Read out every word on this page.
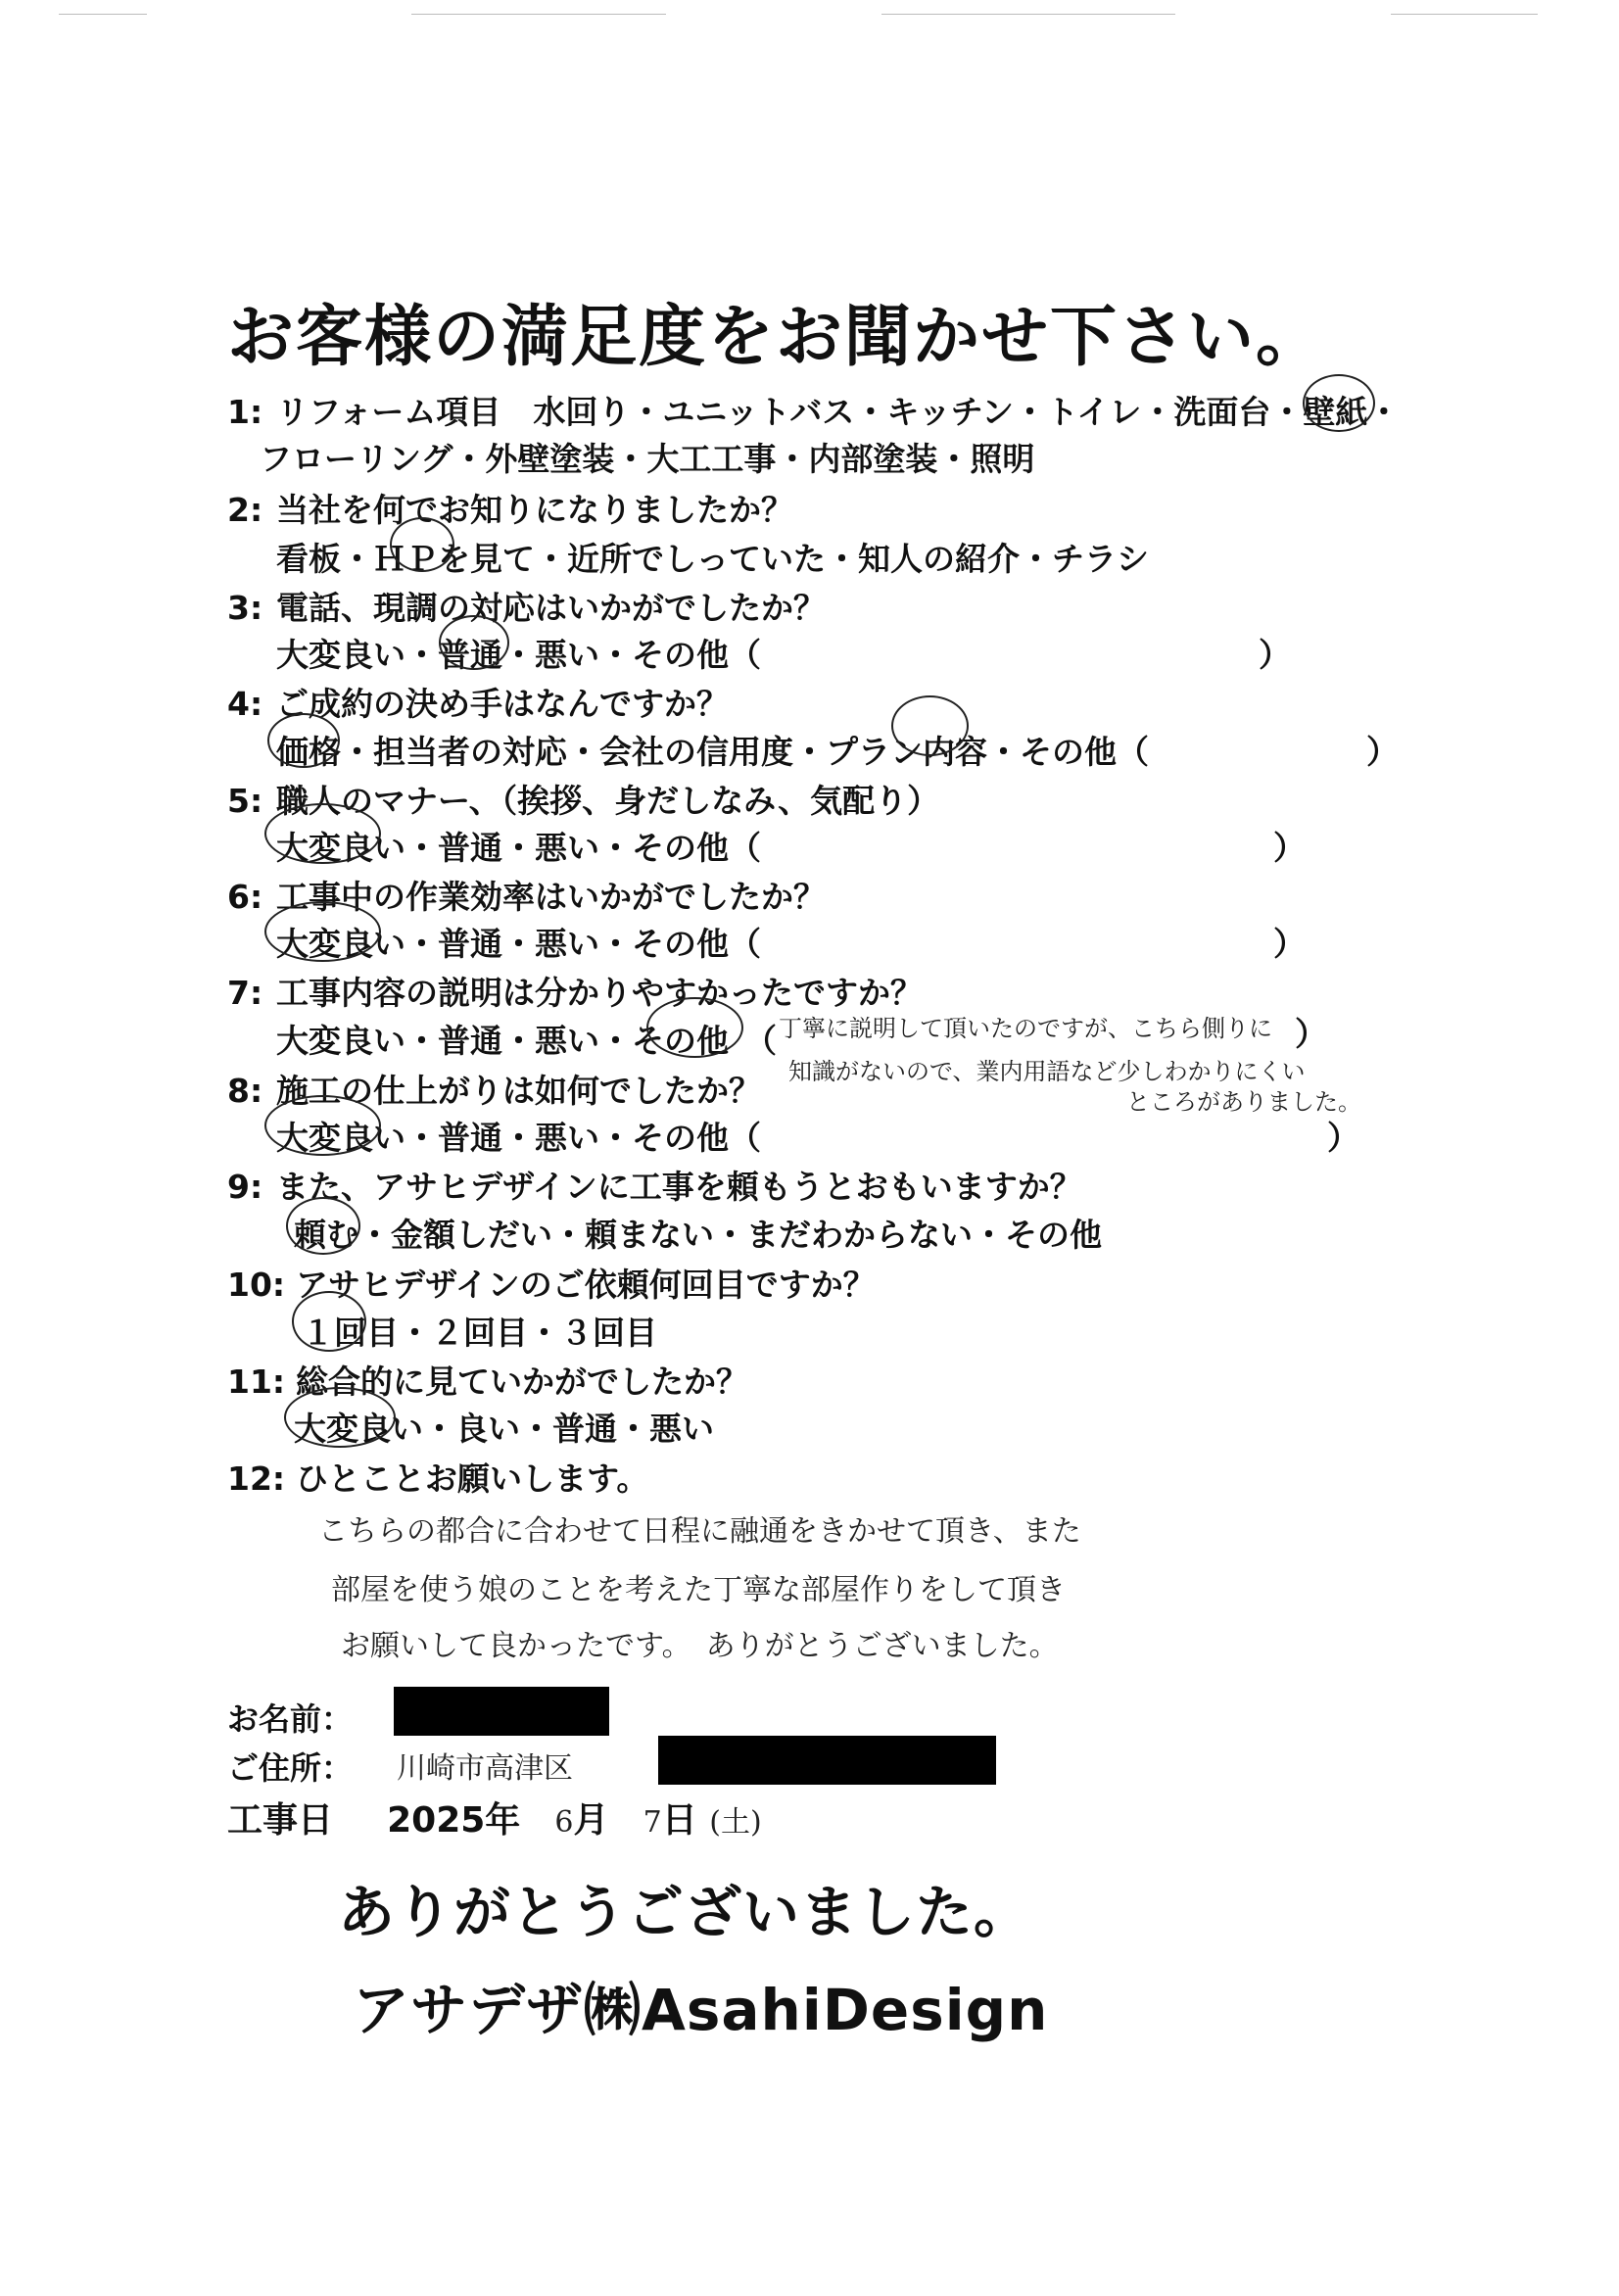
お客様の満足度をお聞かせ下さい。
1: リフォーム項目　水回り・ユニットバス・キッチン・トイレ・洗面台・壁紙・
フローリング・外壁塗装・大工工事・内部塗装・照明
2: 当社を何でお知りになりましたか？
看板・ＨＰを見て・近所でしっていた・知人の紹介・チラシ
3: 電話、現調の対応はいかがでしたか？
大変良い・普通・悪い・その他（	）
4: ご成約の決め手はなんですか？
価格・担当者の対応・会社の信用度・プラン内容・その他（	）
5: 職人のマナー、（挨拶、身だしなみ、気配り）
大変良い・普通・悪い・その他（	）
6: 工事中の作業効率はいかがでしたか？
大変良い・普通・悪い・その他（	）
7: 工事内容の説明は分かりやすかったですか？
大変良い・普通・悪い・その他 （ 丁寧に説明して頂いたのですが、こちら側りに ）
8: 施工の仕上がりは如何でしたか？ 知識がないので、業内用語など少しわかりにくい
ところがありました。
大変良い・普通・悪い・その他（	）
9: また、アサヒデザインに工事を頼もうとおもいますか？
頼む・金額しだい・頼まない・まだわからない・その他
10: アサヒデザインのご依頼何回目ですか？
１回目・２回目・３回目
11: 総合的に見ていかがでしたか？
大変良い・良い・普通・悪い
12: ひとことお願いします。
こちらの都合に合わせて日程に融通をきかせて頂き、また
部屋を使う娘のことを考えた丁寧な部屋作りをして頂き
お願いして良かったです。　ありがとうございました。
お名前：
ご住所： 川崎市高津区
工事日 2025年 6月 7日 (土)
ありがとうございました。
アサデザ㈱AsahiDesign
